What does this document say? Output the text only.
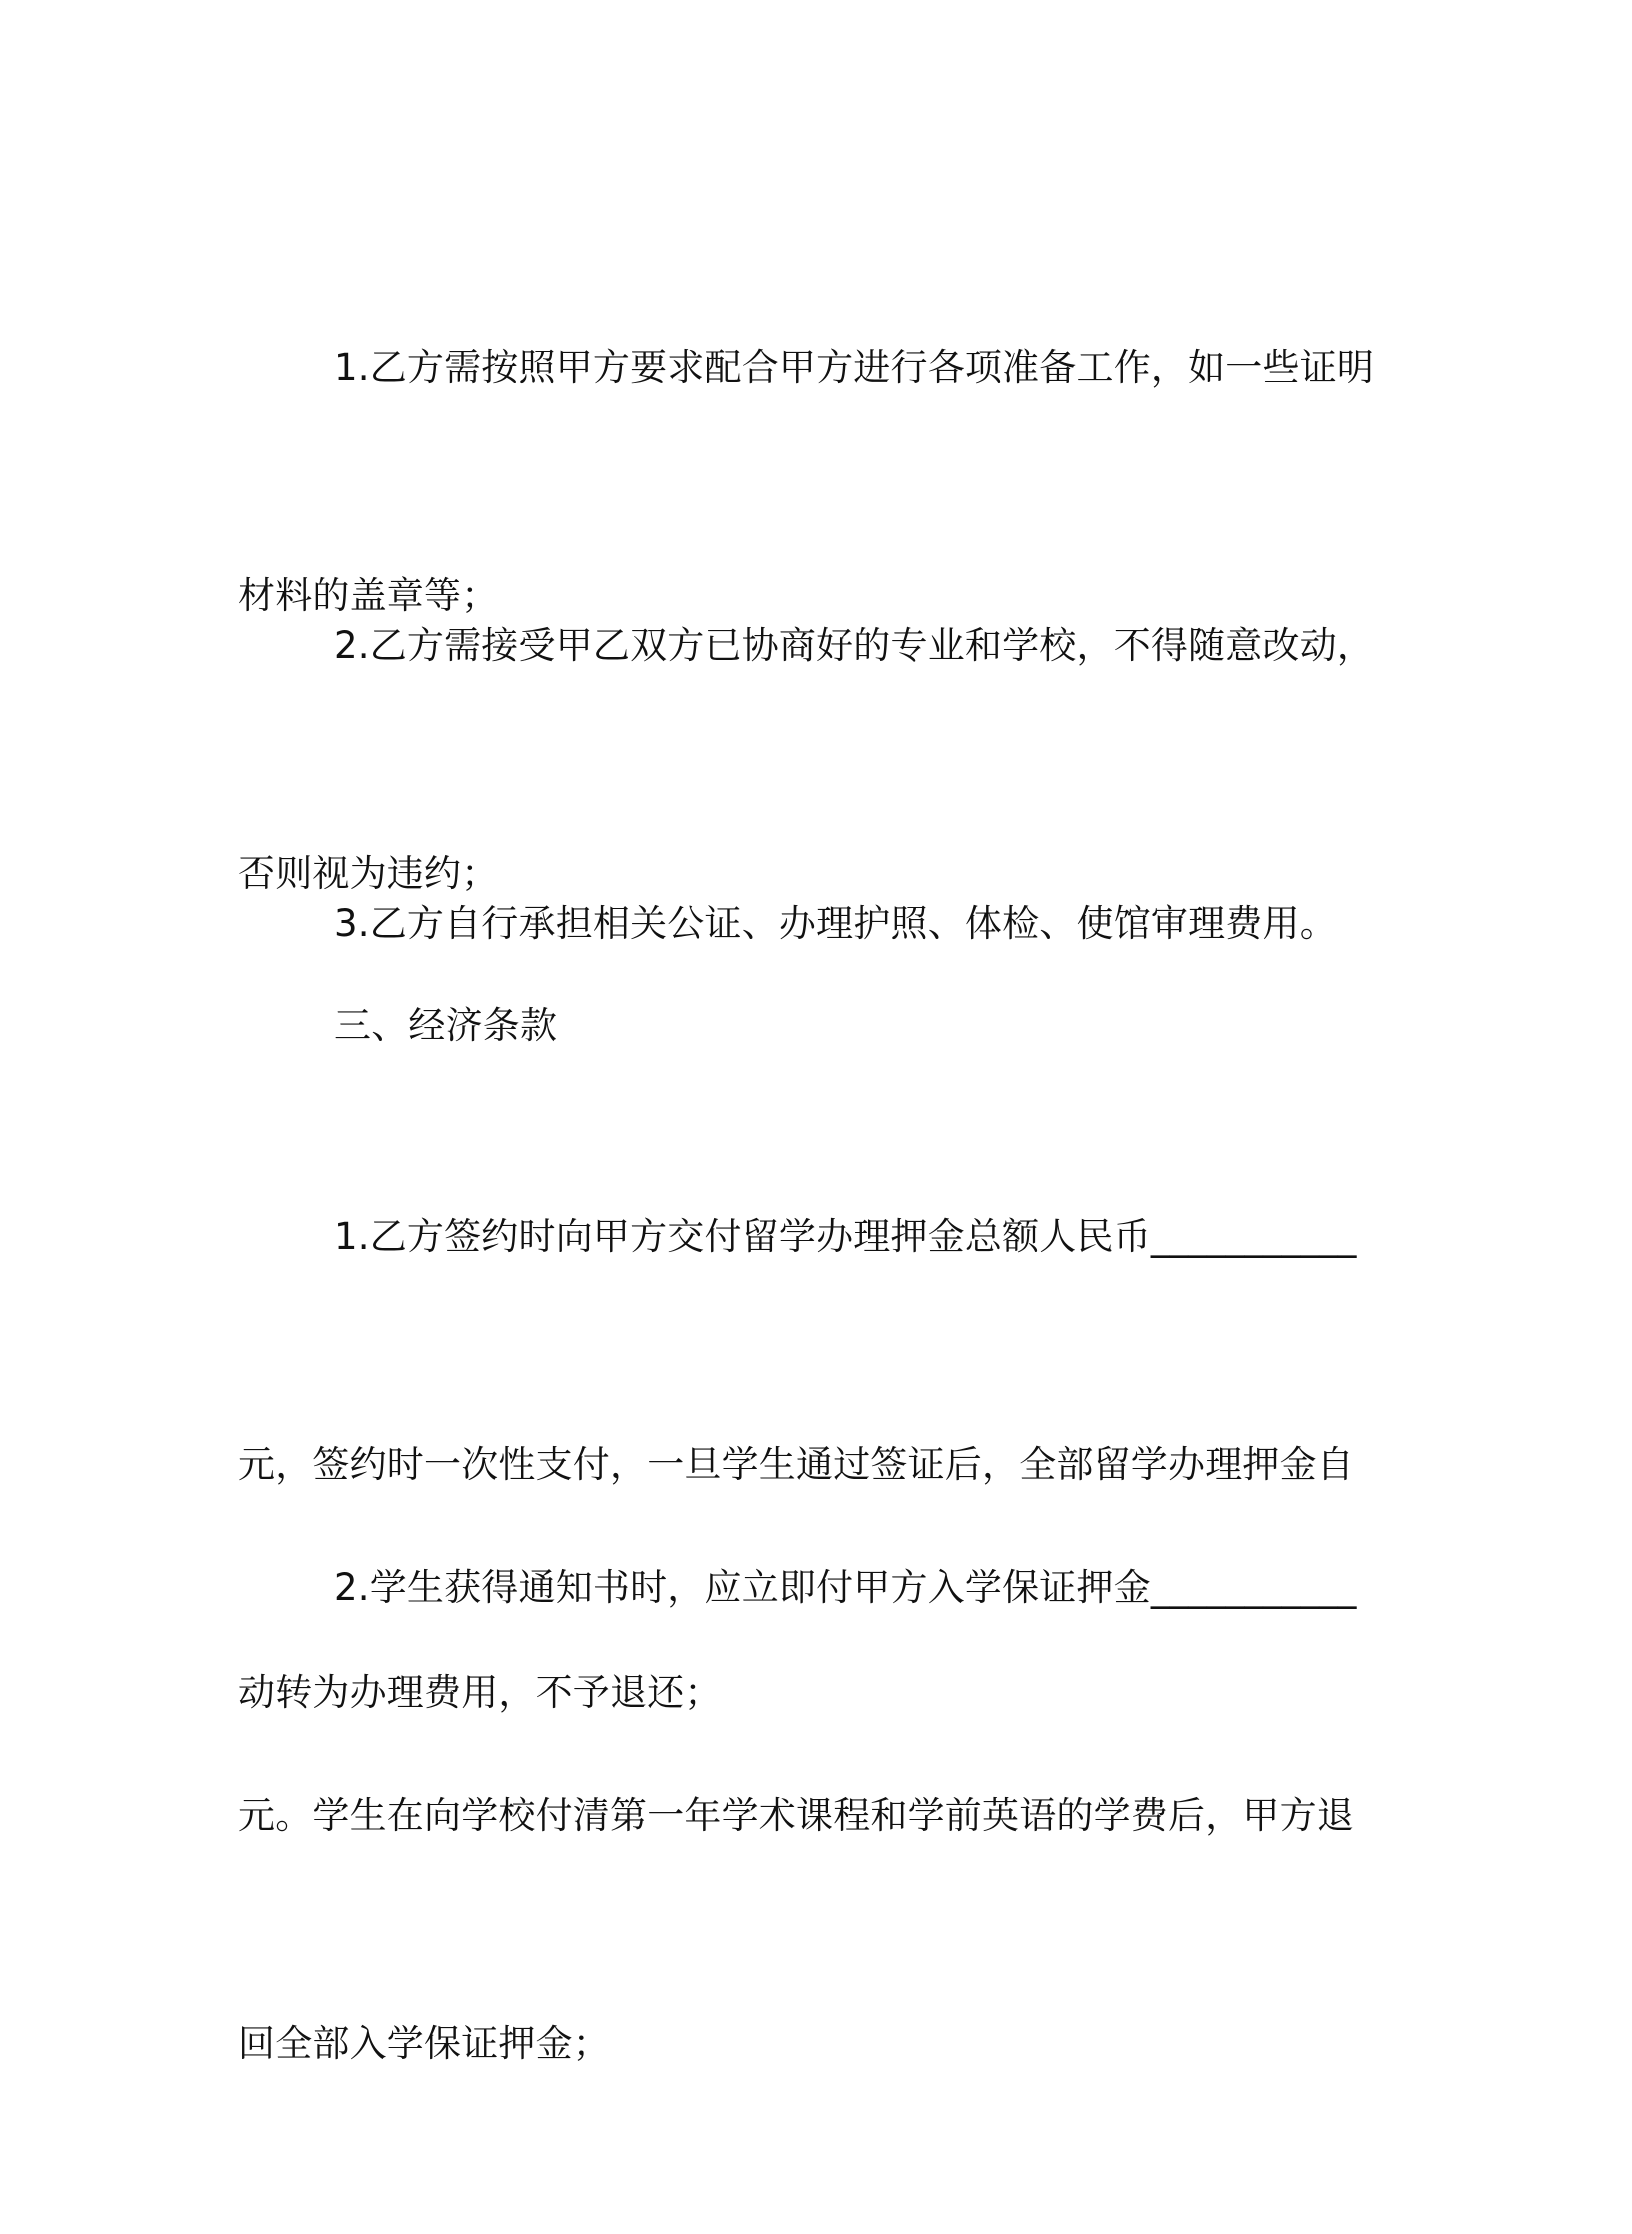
1.乙方需按照甲方要求配合甲方进行各项准备工作，如一些证明

材料的盖章等；

2.乙方需接受甲乙双方已协商好的专业和学校，不得随意改动，

否则视为违约；

3.乙方自行承担相关公证、办理护照、体检、使馆审理费用。

三、经济条款

1.乙方签约时向甲方交付留学办理押金总额人民币___________

元，签约时一次性支付，一旦学生通过签证后，全部留学办理押金自

动转为办理费用，不予退还；

2.学生获得通知书时，应立即付甲方入学保证押金___________

元。学生在向学校付清第一年学术课程和学前英语的学费后，甲方退

回全部入学保证押金；
